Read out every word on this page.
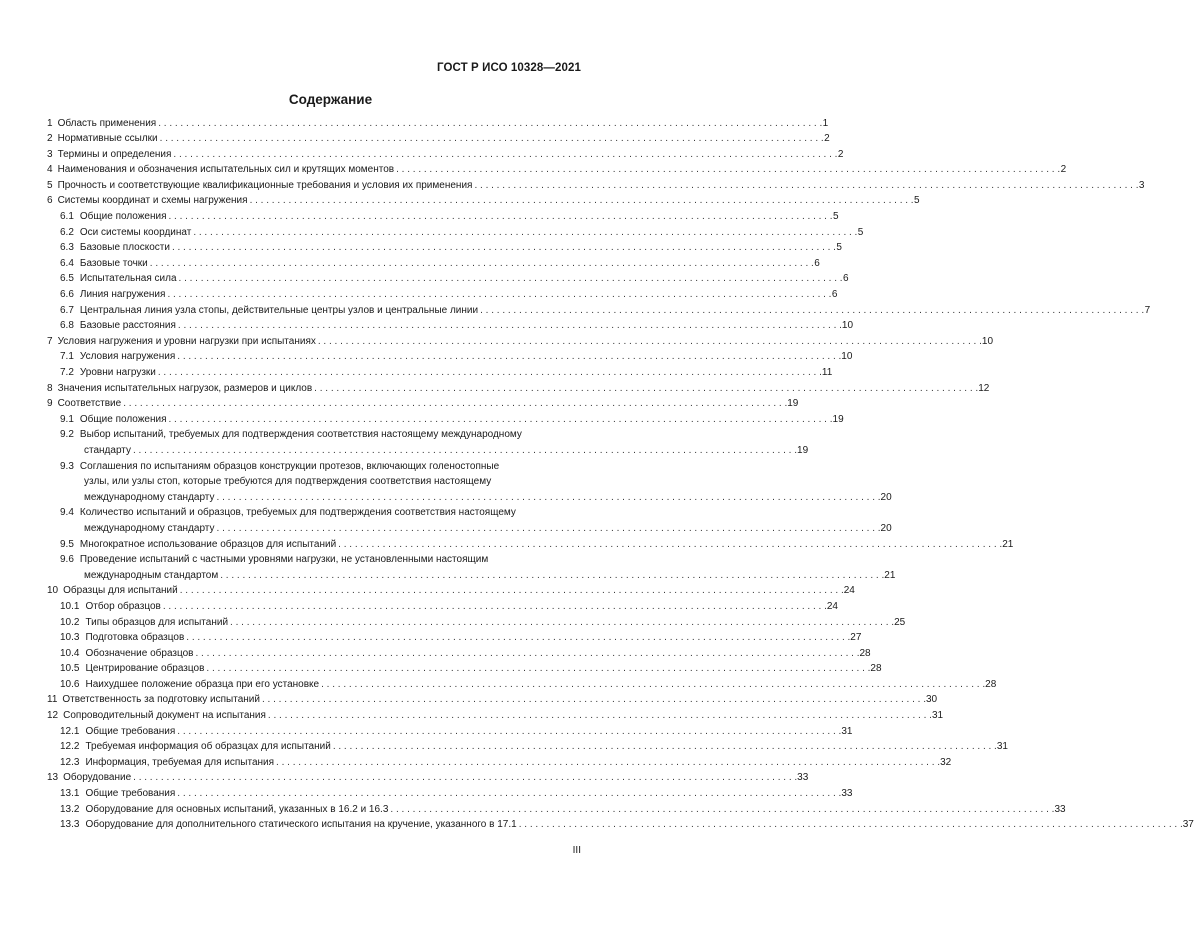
ГОСТ Р ИСО 10328—2021
Содержание
1 Область применения . . .	1
2 Нормативные ссылки . . .	2
3 Термины и определения . . .	2
4 Наименования и обозначения испытательных сил и крутящих моментов . . .	2
5 Прочность и соответствующие квалификационные требования и условия их применения . . .	3
6 Системы координат и схемы нагружения . . .	5
6.1 Общие положения . . .	5
6.2 Оси системы координат . . .	5
6.3 Базовые плоскости . . .	5
6.4 Базовые точки . . .	6
6.5 Испытательная сила . . .	6
6.6 Линия нагружения . . .	6
6.7 Центральная линия узла стопы, действительные центры узлов и центральные линии . . .	7
6.8 Базовые расстояния . . .	10
7 Условия нагружения и уровни нагрузки при испытаниях . . .	10
7.1 Условия нагружения . . .	10
7.2 Уровни нагрузки . . .	11
8 Значения испытательных нагрузок, размеров и циклов . . .	12
9 Соответствие . . .	19
9.1 Общие положения . . .	19
9.2 Выбор испытаний, требуемых для подтверждения соответствия настоящему международному
стандарту . . .	19
9.3 Соглашения по испытаниям образцов конструкции протезов, включающих голеностопные
узлы, или узлы стоп, которые требуются для подтверждения соответствия настоящему
международному стандарту . . .	20
9.4 Количество испытаний и образцов, требуемых для подтверждения соответствия настоящему
международному стандарту . . .	20
9.5 Многократное использование образцов для испытаний . . .	21
9.6 Проведение испытаний с частными уровнями нагрузки, не установленными настоящим
международным стандартом . . .	21
10 Образцы для испытаний . . .	24
10.1 Отбор образцов . . .	24
10.2 Типы образцов для испытаний . . .	25
10.3 Подготовка образцов . . .	27
10.4 Обозначение образцов . . .	28
10.5 Центрирование образцов . . .	28
10.6 Наихудшее положение образца при его установке . . .	28
11 Ответственность за подготовку испытаний . . .	30
12 Сопроводительный документ на испытания . . .	31
12.1 Общие требования . . .	31
12.2 Требуемая информация об образцах для испытаний . . .	31
12.3 Информация, требуемая для испытания . . .	32
13 Оборудование . . .	33
13.1 Общие требования . . .	33
13.2 Оборудование для основных испытаний, указанных в 16.2 и 16.3 . . .	33
13.3 Оборудование для дополнительного статического испытания на кручение, указанного в 17.1 . . .	37
III
